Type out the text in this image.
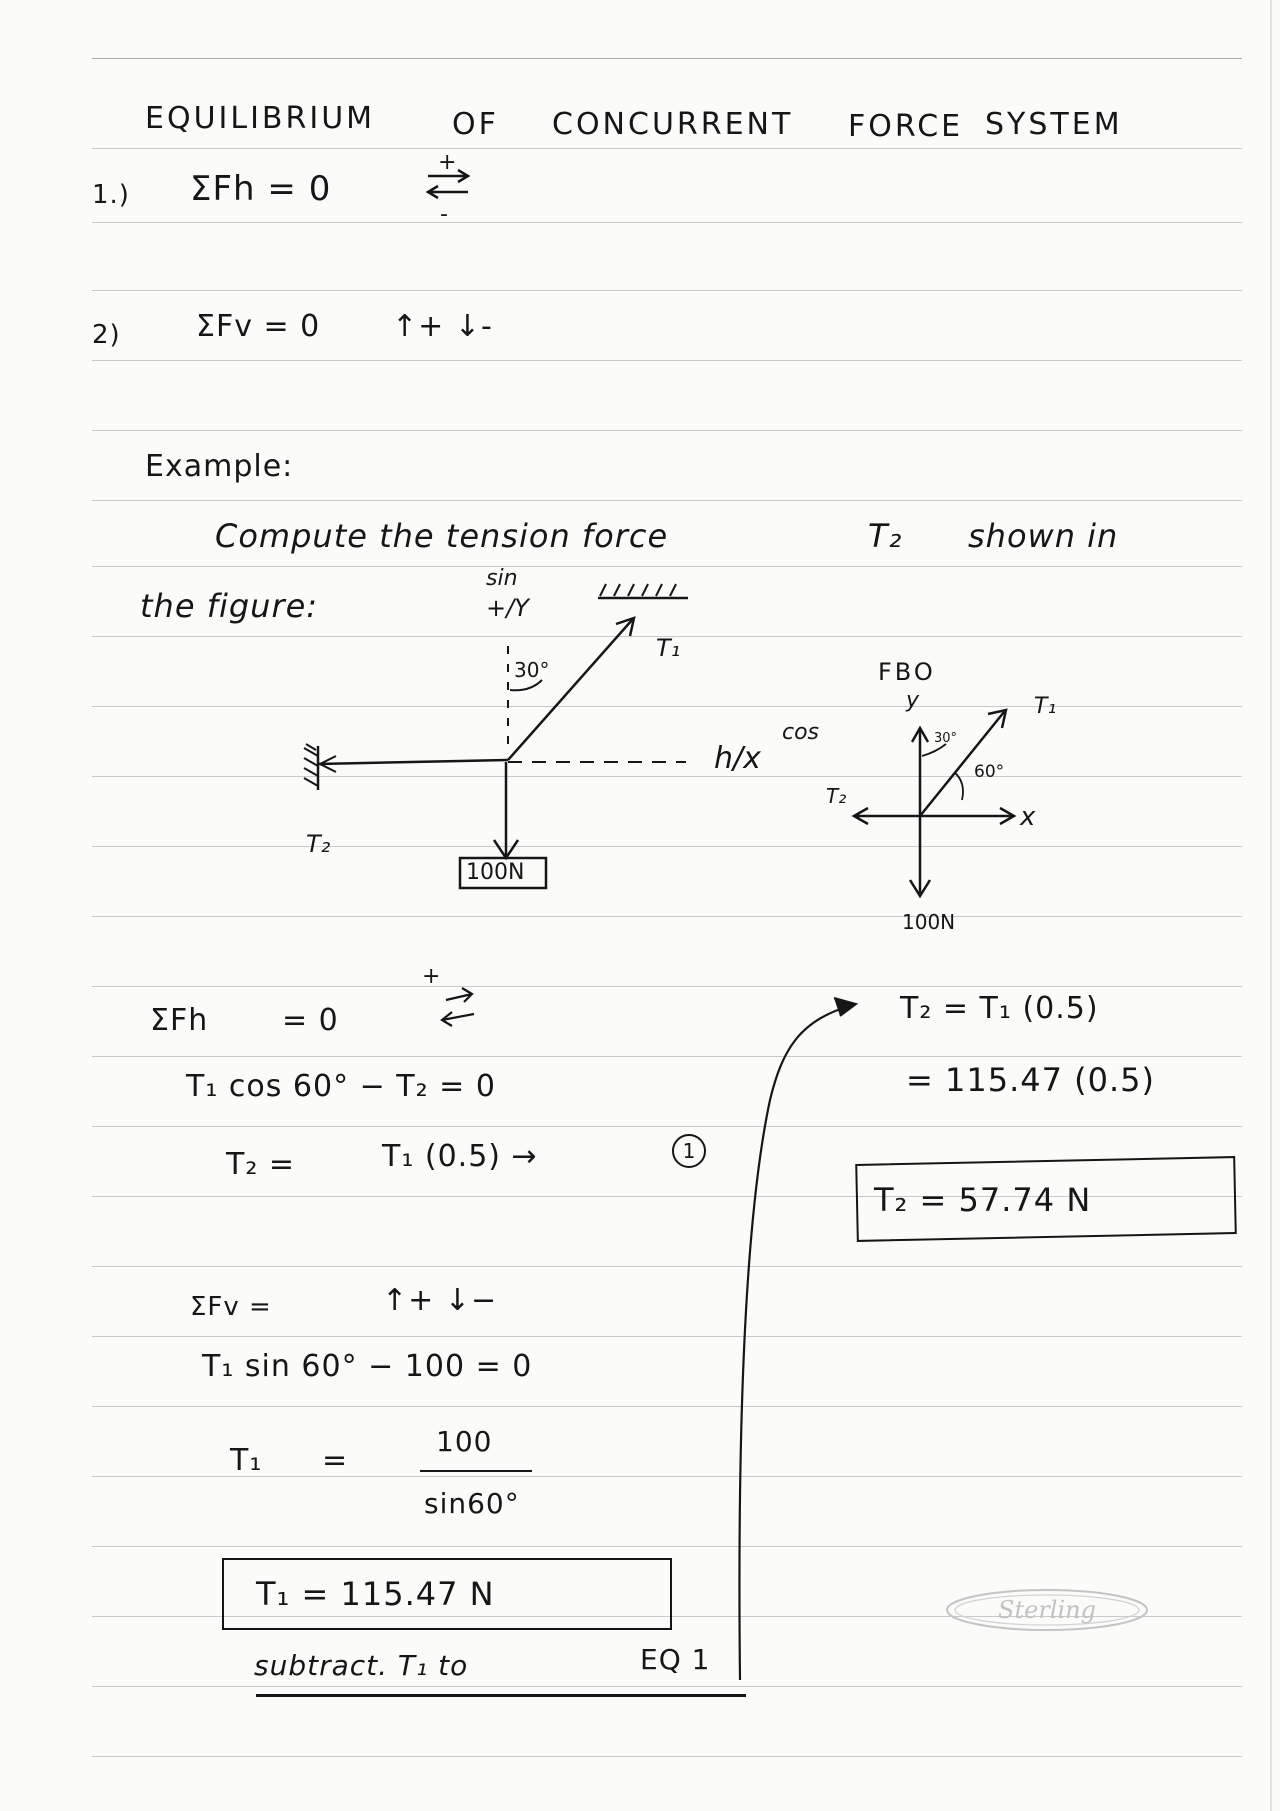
EQUILIBRIUM	OF CONCURRENT FORCE SYSTEM
1.) ΣFh = 0
+
-
2)	ΣFv = 0 ↑+ ↓-
Example:
Compute the tension force	T₂ shown in
the figure:
sin
+/Y
30°
T₁
T₂
100N
h/x
cos
FBO
y
x
T₁
T₂
30°
60°
100N
ΣFh = 0
+
T₁ cos 60° − T₂ = 0
T₂ =	T₁ (0.5) →	1
ΣFv =	↑+ ↓−
T₁ sin 60° − 100 = 0
T₁ =
100
sin60°
T₁ = 115.47 N
subtract. T₁ to	EQ 1
T₂ = T₁ (0.5)
= 115.47 (0.5)
T₂ = 57.74 N
Sterling
